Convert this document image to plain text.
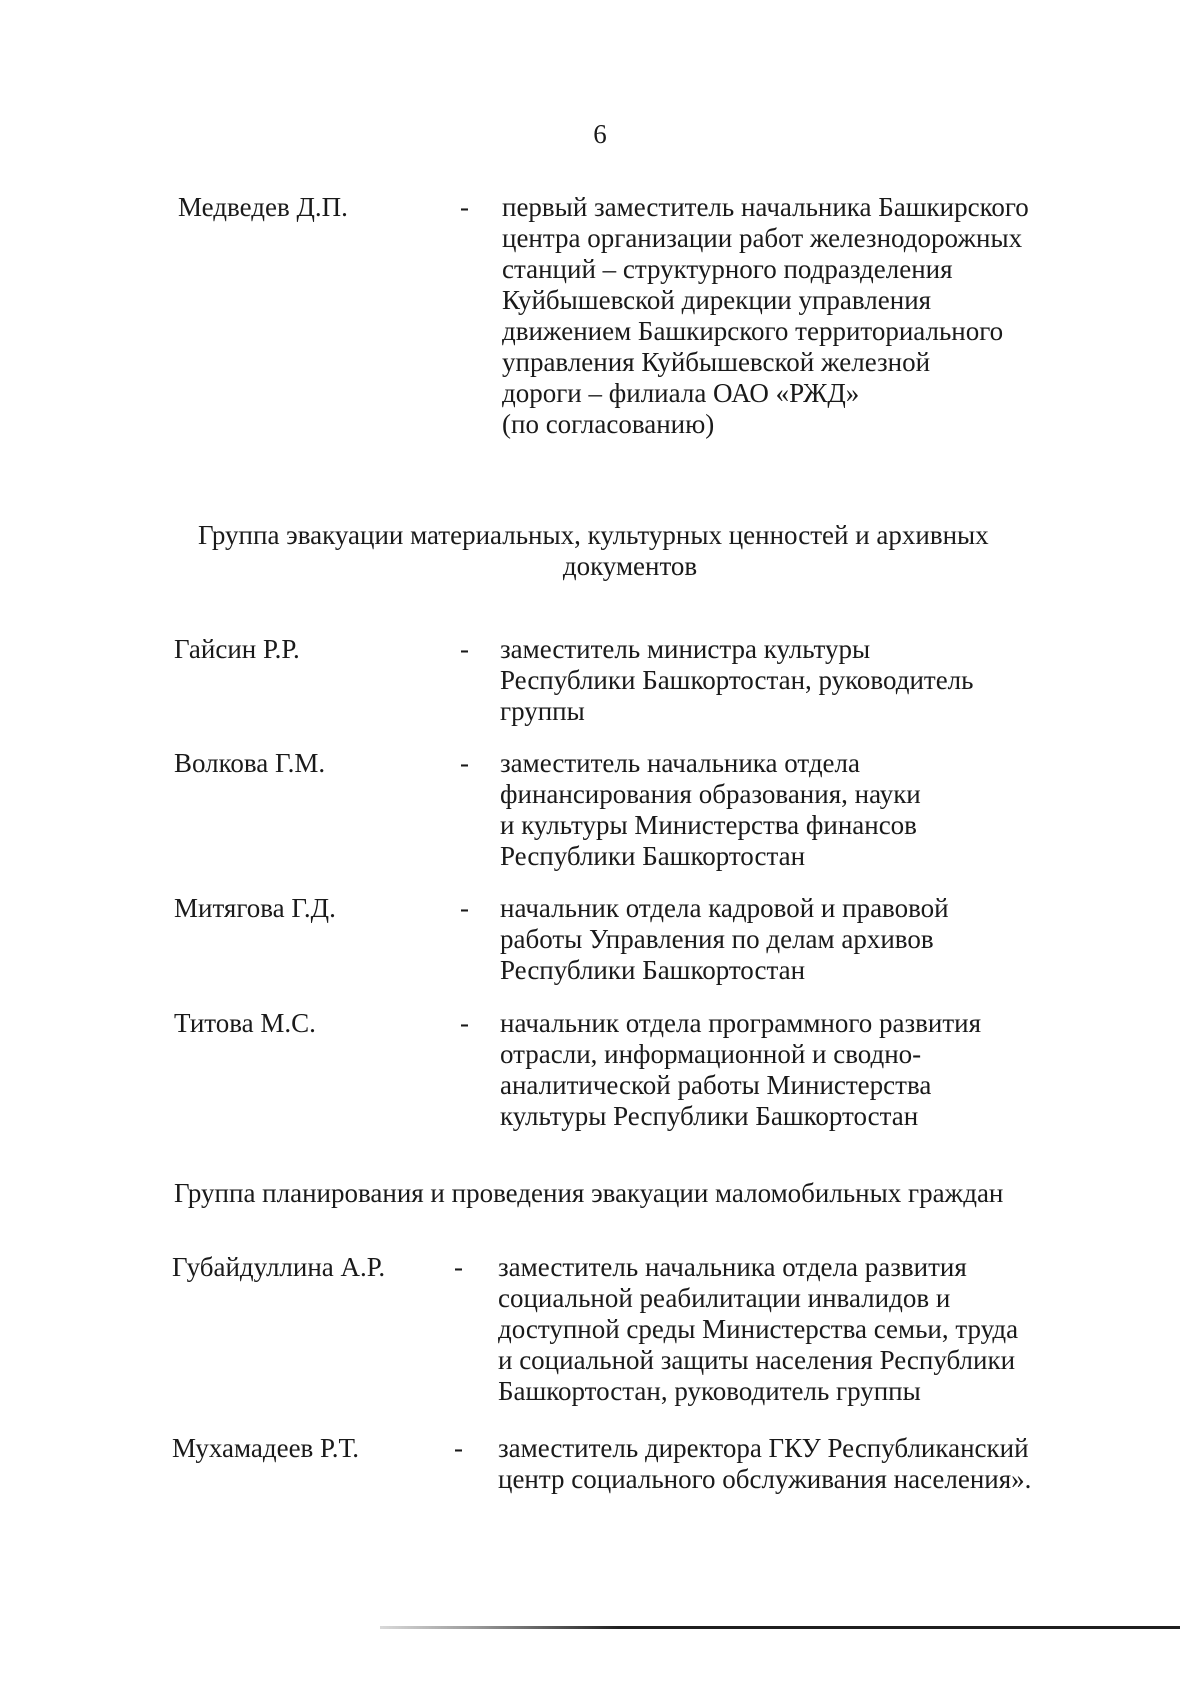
6
Медведев Д.П.	- первый заместитель начальника Башкирского
центра организации работ железнодорожных
станций – структурного подразделения
Куйбышевской дирекции управления
движением Башкирского территориального
управления Куйбышевской железной
дороги – филиала ОАО «РЖД»
(по согласованию)
Группа эвакуации материальных, культурных ценностей и архивных
документов
Гайсин Р.Р.	- заместитель министра культуры
Республики Башкортостан, руководитель
группы
Волкова Г.М.	- заместитель начальника отдела
финансирования образования, науки
и культуры Министерства финансов
Республики Башкортостан
Митягова Г.Д.	- начальник отдела кадровой и правовой
работы Управления по делам архивов
Республики Башкортостан
Титова М.С.	- начальник отдела программного развития
отрасли, информационной и сводно-
аналитической работы Министерства
культуры Республики Башкортостан
Группа планирования и проведения эвакуации маломобильных граждан
Губайдуллина А.Р.	- заместитель начальника отдела развития
социальной реабилитации инвалидов и
доступной среды Министерства семьи, труда
и социальной защиты населения Республики
Башкортостан, руководитель группы
Мухамадеев Р.Т.	- заместитель директора ГКУ Республиканский
центр социального обслуживания населения».
